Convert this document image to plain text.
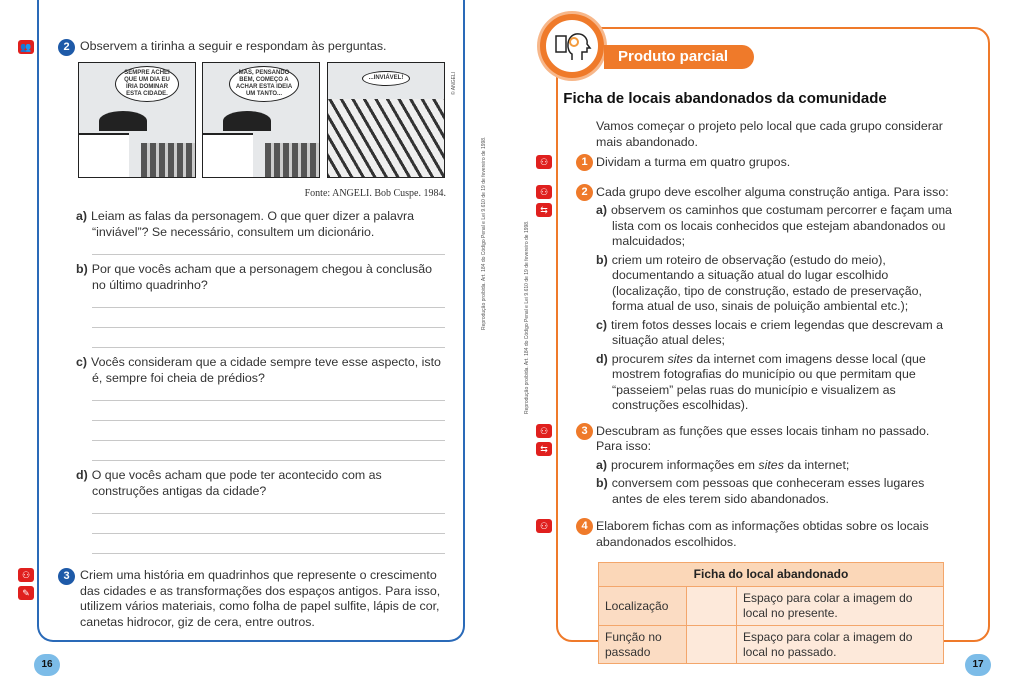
👥	2 Observem a tirinha a seguir e respondam às perguntas.
SEMPRE ACHEI QUE UM DIA EU IRIA DOMINAR ESTA CIDADE.
MAS, PENSANDO BEM, COMEÇO A ACHAR ESTA IDEIA UM TANTO...
...INVIÁVEL!	© ANGELI
Fonte: ANGELI. Bob Cuspe. 1984.
a) Leiam as falas da personagem. O que quer dizer a palavra “inviável”? Se necessário, consultem um dicionário.
b) Por que vocês acham que a personagem chegou à conclusão no último quadrinho?
c) Vocês consideram que a cidade sempre teve esse aspecto, isto é, sempre foi cheia de prédios?
d) O que vocês acham que pode ter acontecido com as construções antigas da cidade?
⚇
✎
3 Criem uma história em quadrinhos que represente o crescimento das cidades e as transformações dos espaços antigos. Para isso, utilizem vários materiais, como folha de papel sulfite, lápis de cor, canetas hidrocor, giz de cera, entre outros.
16
Reprodução proibida. Art. 184 do Código Penal e Lei 9.610 de 19 de fevereiro de 1998.
Produto parcial
Ficha de locais abandonados da comunidade
Vamos começar o projeto pelo local que cada grupo considerar mais abandonado.
⚇	1 Dividam a turma em quatro grupos.
⚇
⇆
2 Cada grupo deve escolher alguma construção antiga. Para isso:
a) observem os caminhos que costumam percorrer e façam uma lista com os locais conhecidos que estejam abandonados ou malcuidados;
b) criem um roteiro de observação (estudo do meio), documentando a situação atual do lugar escolhido (localização, tipo de construção, estado de preservação, forma atual de uso, sinais de poluição ambiental etc.);
c) tirem fotos desses locais e criem legendas que descrevam a situação atual deles;
d) procurem sites da internet com imagens desse local (que mostrem fotografias do município ou que permitam que “passeiem” pelas ruas do município e visualizem as construções escolhidas).
⚇
⇆
3 Descubram as funções que esses locais tinham no passado. Para isso:
a) procurem informações em sites da internet;
b) conversem com pessoas que conheceram esses lugares antes de eles terem sido abandonados.
⚇	4 Elaborem fichas com as informações obtidas sobre os locais abandonados escolhidos.
Ficha do local abandonado		
Localização		Espaço para colar a imagem do local no presente.
Função no passado		Espaço para colar a imagem do local no passado.
17
Reprodução proibida. Art. 184 do Código Penal e Lei 9.610 de 19 de fevereiro de 1998.
